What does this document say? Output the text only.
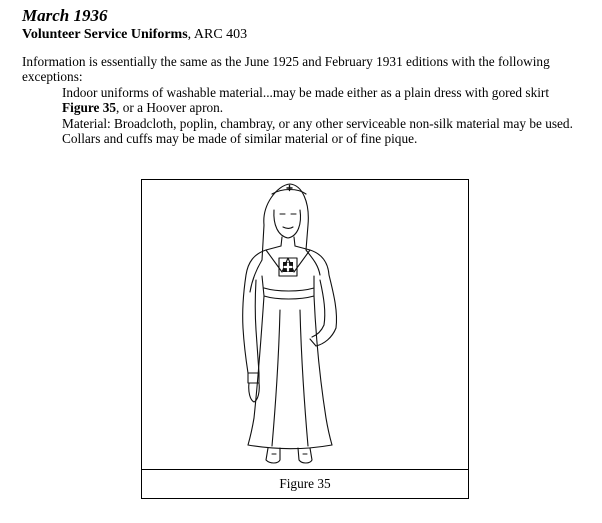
March 1936

Volunteer Service Uniforms, ARC 403

Information is essentially the same as the June 1925 and February 1931 editions with the following exceptions:

Indoor uniforms of washable material...may be made either as a plain dress with gored skirt

Figure 35, or a Hoover apron.

Material: Broadcloth, poplin, chambray, or any other serviceable non-silk material may be used.

Collars and cuffs may be made of similar material or of fine pique.

Figure 35
